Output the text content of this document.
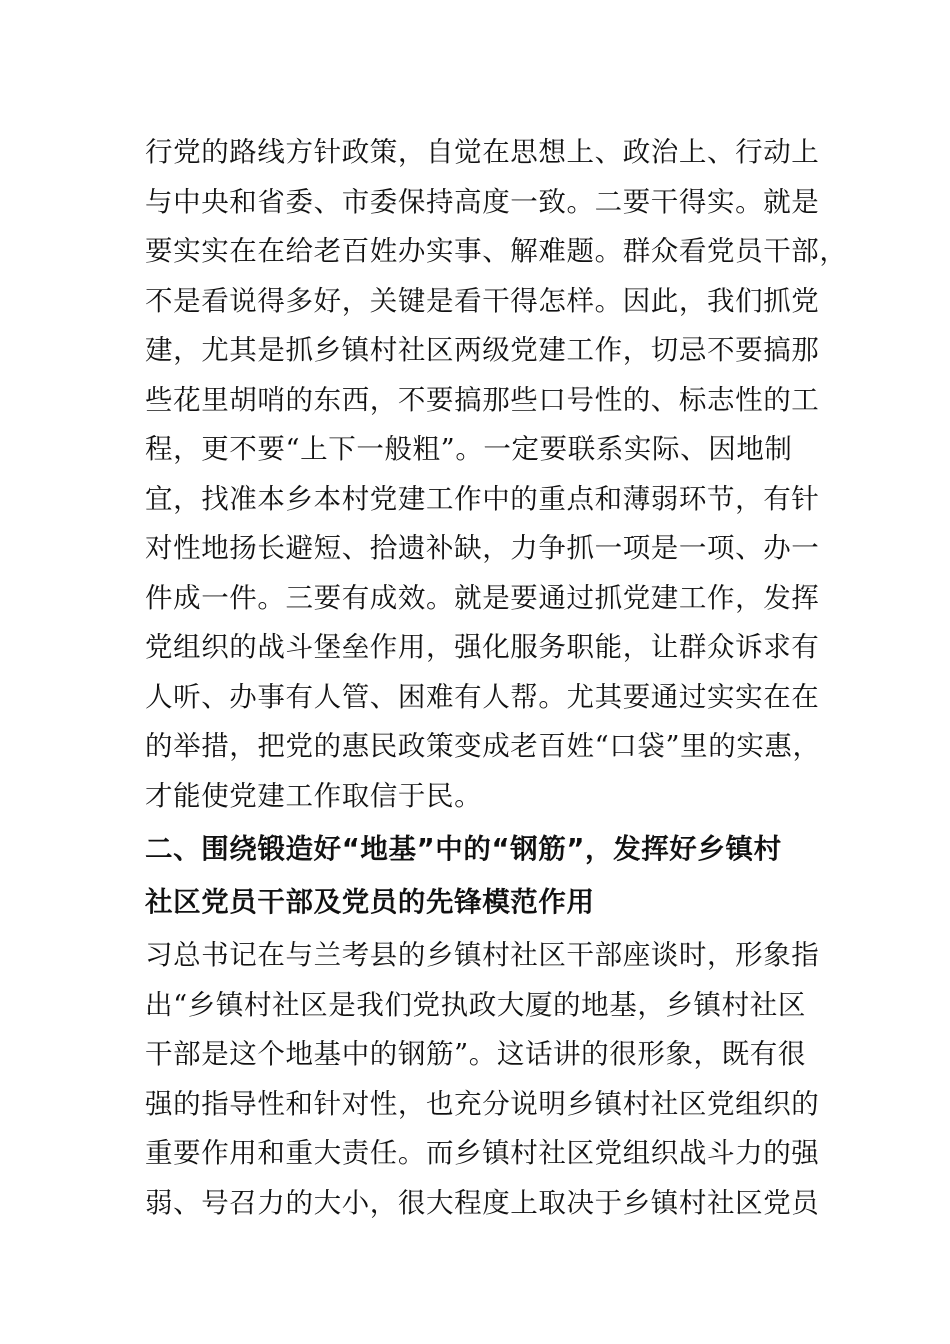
行党的路线方针政策，自觉在思想上、政治上、行动上
与中央和省委、市委保持高度一致。二要干得实。就是
要实实在在给老百姓办实事、解难题。群众看党员干部，
不是看说得多好，关键是看干得怎样。因此，我们抓党
建，尤其是抓乡镇村社区两级党建工作，切忌不要搞那
些花里胡哨的东西，不要搞那些口号性的、标志性的工
程，更不要“上下一般粗”。一定要联系实际、因地制
宜，找准本乡本村党建工作中的重点和薄弱环节，有针
对性地扬长避短、拾遗补缺，力争抓一项是一项、办一
件成一件。三要有成效。就是要通过抓党建工作，发挥
党组织的战斗堡垒作用，强化服务职能，让群众诉求有
人听、办事有人管、困难有人帮。尤其要通过实实在在
的举措，把党的惠民政策变成老百姓“口袋”里的实惠，
才能使党建工作取信于民。
二、围绕锻造好“地基”中的“钢筋”，发挥好乡镇村
社区党员干部及党员的先锋模范作用
习总书记在与兰考县的乡镇村社区干部座谈时，形象指
出“乡镇村社区是我们党执政大厦的地基，乡镇村社区
干部是这个地基中的钢筋”。这话讲的很形象，既有很
强的指导性和针对性，也充分说明乡镇村社区党组织的
重要作用和重大责任。而乡镇村社区党组织战斗力的强
弱、号召力的大小，很大程度上取决于乡镇村社区党员
